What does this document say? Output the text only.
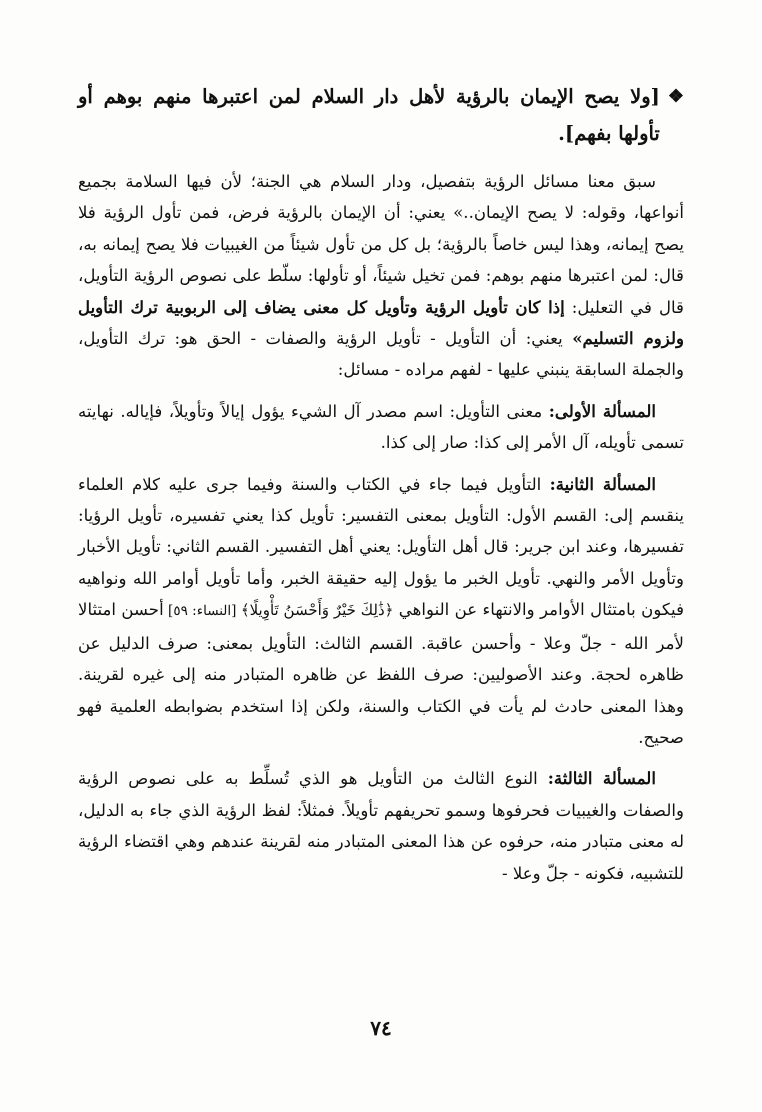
❖
[ولا يصح الإيمان بالرؤية لأهل دار السلام لمن اعتبرها منهم بوهم أو تأولها بفهم].

سبق معنا مسائل الرؤية بتفصيل، ودار السلام هي الجنة؛ لأن فيها السلامة بجميع أنواعها، وقوله: لا يصح الإيمان..» يعني: أن الإيمان بالرؤية فرض، فمن تأول الرؤية فلا يصح إيمانه، وهذا ليس خاصاً بالرؤية؛ بل كل من تأول شيئاً من الغيبيات فلا يصح إيمانه به، قال: لمن اعتبرها منهم بوهم: فمن تخيل شيئاً، أو تأولها: سلّط على نصوص الرؤية التأويل، قال في التعليل: إذا كان تأويل الرؤية وتأويل كل معنى يضاف إلى الربوبية ترك التأويل ولزوم التسليم» يعني: أن التأويل - تأويل الرؤية والصفات - الحق هو: ترك التأويل، والجملة السابقة ينبني عليها - لفهم مراده - مسائل:

المسألة الأولى: معنى التأويل: اسم مصدر آل الشيء يؤول إيالاً وتأويلاً، فإياله. نهايته تسمى تأويله، آل الأمر إلى كذا: صار إلى كذا.

المسألة الثانية: التأويل فيما جاء في الكتاب والسنة وفيما جرى عليه كلام العلماء ينقسم إلى: القسم الأول: التأويل بمعنى التفسير: تأويل كذا يعني تفسيره، تأويل الرؤيا: تفسيرها، وعند ابن جرير: قال أهل التأويل: يعني أهل التفسير. القسم الثاني: تأويل الأخبار وتأويل الأمر والنهي. تأويل الخبر ما يؤول إليه حقيقة الخبر، وأما تأويل أوامر الله ونواهيه فيكون بامتثال الأوامر والانتهاء عن النواهي ﴿ذَٰلِكَ خَيْرٌ وَأَحْسَنُ تَأْوِيلًا﴾ [النساء: ٥٩] أحسن امتثالا لأمر الله - جلّ وعلا - وأحسن عاقبة. القسم الثالث: التأويل بمعنى: صرف الدليل عن ظاهره لحجة. وعند الأصوليين: صرف اللفظ عن ظاهره المتبادر منه إلى غيره لقرينة. وهذا المعنى حادث لم يأت في الكتاب والسنة، ولكن إذا استخدم بضوابطه العلمية فهو صحيح.

المسألة الثالثة: النوع الثالث من التأويل هو الذي تُسلِّط به على نصوص الرؤية والصفات والغيبيات فحرفوها وسمو تحريفهم تأويلاً. فمثلاً: لفظ الرؤية الذي جاء به الدليل، له معنى متبادر منه، حرفوه عن هذا المعنى المتبادر منه لقرينة عندهم وهي اقتضاء الرؤية للتشبيه، فكونه - جلّ وعلا -

٧٤
